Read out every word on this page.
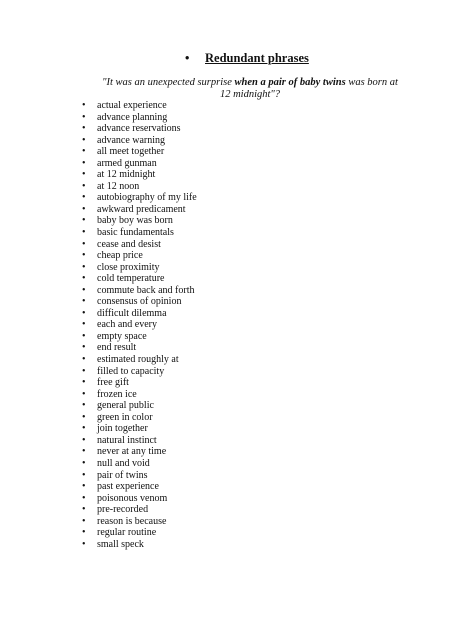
• Redundant phrases
"It was an unexpected surprise when a pair of baby twins was born at 12 midnight"?
• actual experience
• advance planning
• advance reservations
• advance warning
• all meet together
• armed gunman
• at 12 midnight
• at 12 noon
• autobiography of my life
• awkward predicament
• baby boy was born
• basic fundamentals
• cease and desist
• cheap price
• close proximity
• cold temperature
• commute back and forth
• consensus of opinion
• difficult dilemma
• each and every
• empty space
• end result
• estimated roughly at
• filled to capacity
• free gift
• frozen ice
• general public
• green in color
• join together
• natural instinct
• never at any time
• null and void
• pair of twins
• past experience
• poisonous venom
• pre-recorded
• reason is because
• regular routine
• small speck
